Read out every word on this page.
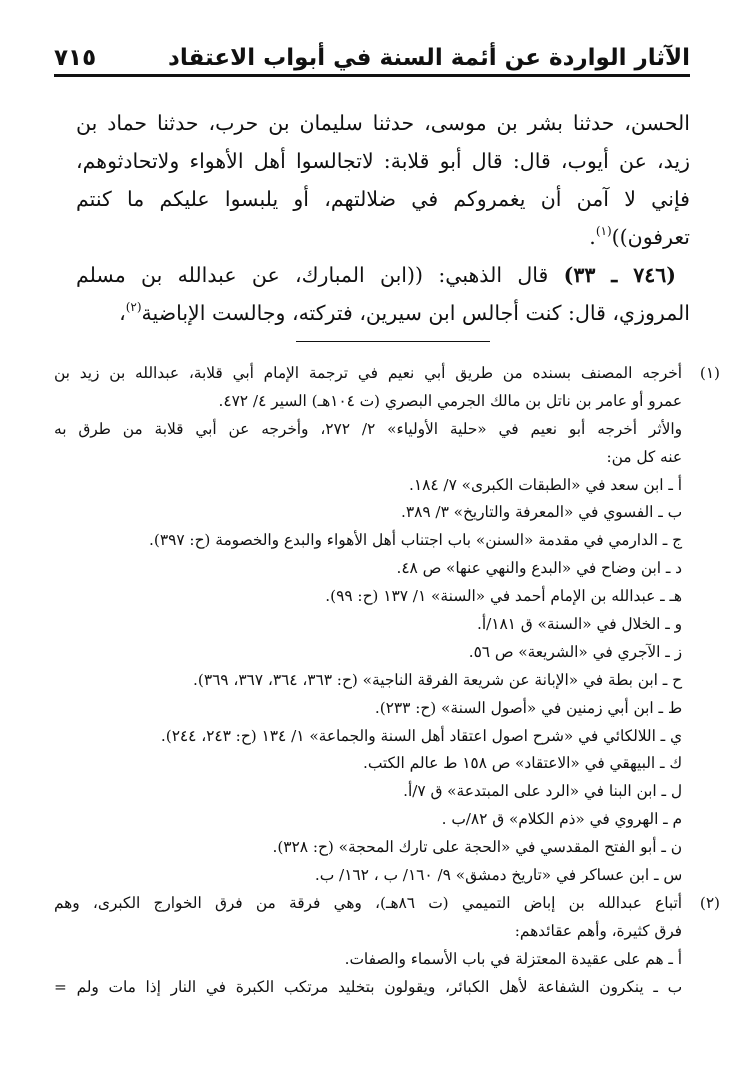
الآثار الواردة عن أئمة السنة في أبواب الاعتقاد
٧١٥
الحسن، حدثنا بشر بن موسى، حدثنا سليمان بن حرب، حدثنا حماد بن
زيد، عن أيوب، قال: قال أبو قلابة: لاتجالسوا أهل الأهواء ولاتحادثوهم،
فإني لا آمن أن يغمروكم في ضلالتهم، أو يلبسوا عليكم ما كنتم
تعرفون))$^{(١)}$.
(٧٤٦ ـ ٣٣) قال الذهبي: ((ابن المبارك، عن عبدالله بن مسلم
المروزي، قال: كنت أجالس ابن سيرين، فتركته، وجالست الإباضية$^{(٢)}$،
(١)
أخرجه المصنف بسنده من طريق أبي نعيم في ترجمة الإمام أبي قلابة، عبدالله بن زيد بن
عمرو أو عامر بن ناتل بن مالك الجرمي البصري (ت ١٠٤هـ) السير ٤/ ٤٧٢.
والأثر أخرجه أبو نعيم في «حلية الأولياء» ٢/ ٢٧٢، وأخرجه عن أبي قلابة من طرق به
عنه كل من:
أ ـ ابن سعد في «الطبقات الكبرى» ٧/ ١٨٤.
ب ـ الفسوي في «المعرفة والتاريخ» ٣/ ٣٨٩.
ج ـ الدارمي في مقدمة «السنن» باب اجتناب أهل الأهواء والبدع والخصومة (ح: ٣٩٧).
د ـ ابن وضاح في «البدع والنهي عنها» ص ٤٨.
هـ ـ عبدالله بن الإمام أحمد في «السنة» ١/ ١٣٧ (ح: ٩٩).
و ـ الخلال في «السنة» ق ١٨١/أ.
ز ـ الآجري في «الشريعة» ص ٥٦.
ح ـ ابن بطة في «الإبانة عن شريعة الفرقة الناجية» (ح: ٣٦٣، ٣٦٤، ٣٦٧، ٣٦٩).
ط ـ ابن أبي زمنين في «أصول السنة» (ح: ٢٣٣).
ي ـ اللالكائي في «شرح اصول اعتقاد أهل السنة والجماعة» ١/ ١٣٤ (ح: ٢٤٣، ٢٤٤).
ك ـ البيهقي في «الاعتقاد» ص ١٥٨ ط عالم الكتب.
ل ـ ابن البنا في «الرد على المبتدعة» ق ٧/أ.
م ـ الهروي في «ذم الكلام» ق ٨٢/ب .
ن ـ أبو الفتح المقدسي في «الحجة على تارك المحجة» (ح: ٣٢٨).
س ـ ابن عساكر في «تاريخ دمشق» ٩/ ١٦٠/ ب ، ١٦٢/ ب.
(٢)
أتباع عبدالله بن إباض التميمي (ت ٨٦هـ)، وهي فرقة من فرق الخوارج الكبرى، وهم
فرق كثيرة، وأهم عقائدهم:
أ ـ هم على عقيدة المعتزلة في باب الأسماء والصفات.
ب ـ ينكرون الشفاعة لأهل الكبائر، ويقولون بتخليد مرتكب الكبرة في النار إذا مات ولم =
